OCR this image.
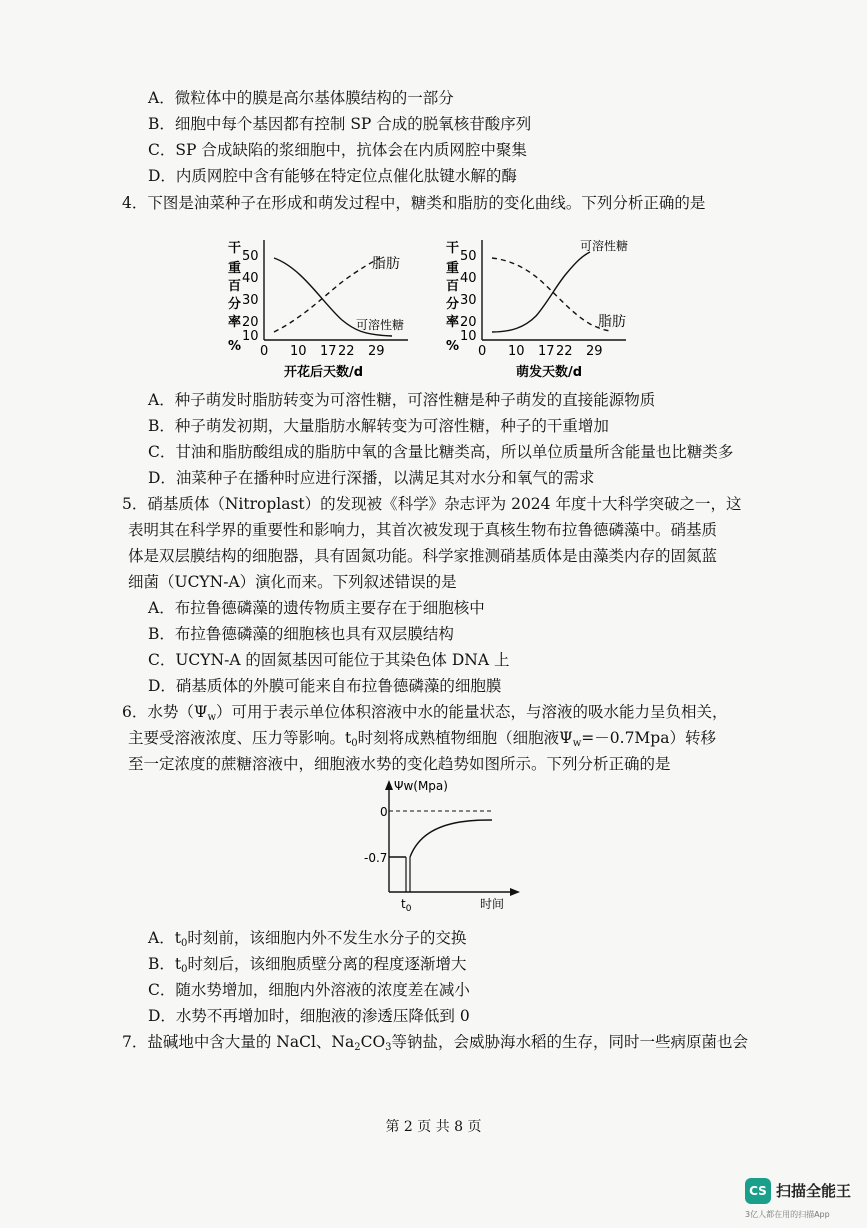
A．微粒体中的膜是高尔基体膜结构的一部分
B．细胞中每个基因都有控制 SP 合成的脱氧核苷酸序列
C．SP 合成缺陷的浆细胞中，抗体会在内质网腔中聚集
D．内质网腔中含有能够在特定位点催化肽键水解的酶
4．下图是油菜种子在形成和萌发过程中，糖类和脂肪的变化曲线。下列分析正确的是
干
重
百
分
率
%
50
40
30
20
10
脂肪
可溶性糖
0 10 17 22 29
开花后天数/d
干
重
百
分
率
%
50
40
30
20
10
可溶性糖
脂肪
0 10 17 22 29
萌发天数/d
A．种子萌发时脂肪转变为可溶性糖，可溶性糖是种子萌发的直接能源物质
B．种子萌发初期，大量脂肪水解转变为可溶性糖，种子的干重增加
C．甘油和脂肪酸组成的脂肪中氧的含量比糖类高，所以单位质量所含能量也比糖类多
D．油菜种子在播种时应进行深播，以满足其对水分和氧气的需求
5．硝基质体（Nitroplast）的发现被《科学》杂志评为 2024 年度十大科学突破之一，这
表明其在科学界的重要性和影响力，其首次被发现于真核生物布拉鲁德磷藻中。硝基质
体是双层膜结构的细胞器，具有固氮功能。科学家推测硝基质体是由藻类内存的固氮蓝
细菌（UCYN-A）演化而来。下列叙述错误的是
A．布拉鲁德磷藻的遗传物质主要存在于细胞核中
B．布拉鲁德磷藻的细胞核也具有双层膜结构
C．UCYN-A 的固氮基因可能位于其染色体 DNA 上
D．硝基质体的外膜可能来自布拉鲁德磷藻的细胞膜
6．水势$(\Psi_w)$可用于表示单位体积溶液中水的能量状态，与溶液的吸水能力呈负相关，
主要受溶液浓度、压力等影响。$t_0$时刻将成熟植物细胞（细胞液$\Psi_w=-0.7Mpa$）转移
至一定浓度的蔗糖溶液中，细胞液水势的变化趋势如图所示。下列分析正确的是
Ψw(Mpa)
0
-0.7
$t_0$	时间
A．$t_0$时刻前，该细胞内外不发生水分子的交换
B．$t_0$时刻后，该细胞质壁分离的程度逐渐增大
C．随水势增加，细胞内外溶液的浓度差在减小
D．水势不再增加时，细胞液的渗透压降低到 0
7．盐碱地中含大量的 NaCl、Na2CO3等钠盐，会威胁海水稻的生存，同时一些病原菌也会
第 2 页 共 8 页
CS 扫描全能王
3亿人都在用的扫描App
